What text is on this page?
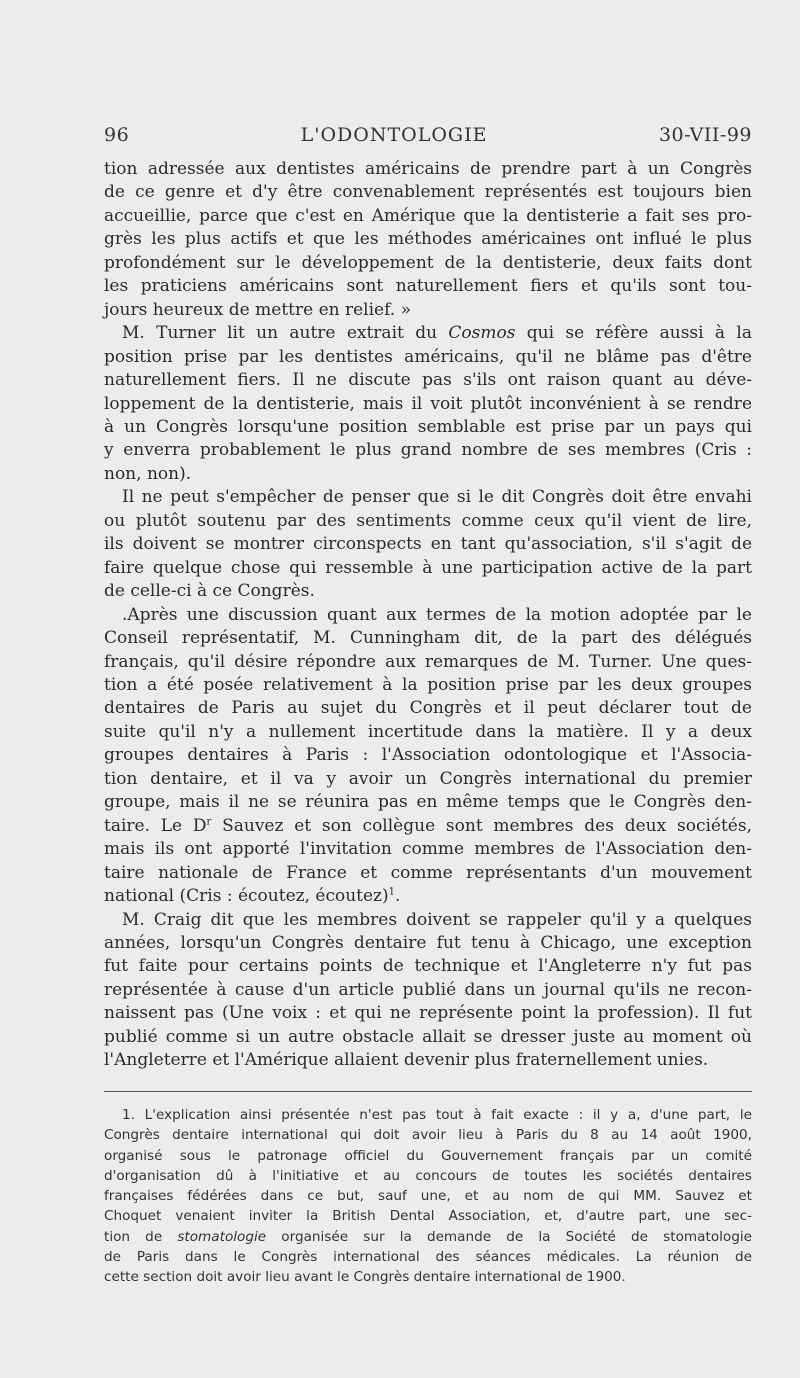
96	L'ODONTOLOGIE	30-VII-99
tion adressée aux dentistes américains de prendre part à un Congrès
de ce genre et d'y être convenablement représentés est toujours bien
accueillie, parce que c'est en Amérique que la dentisterie a fait ses pro-
grès les plus actifs et que les méthodes américaines ont influé le plus
profondément sur le développement de la dentisterie, deux faits dont
les praticiens américains sont naturellement fiers et qu'ils sont tou-
jours heureux de mettre en relief. »
M. Turner lit un autre extrait du Cosmos qui se réfère aussi à la
position prise par les dentistes américains, qu'il ne blâme pas d'être
naturellement fiers. Il ne discute pas s'ils ont raison quant au déve-
loppement de la dentisterie, mais il voit plutôt inconvénient à se rendre
à un Congrès lorsqu'une position semblable est prise par un pays qui
y enverra probablement le plus grand nombre de ses membres (Cris :
non, non).
Il ne peut s'empêcher de penser que si le dit Congrès doit être envahi
ou plutôt soutenu par des sentiments comme ceux qu'il vient de lire,
ils doivent se montrer circonspects en tant qu'association, s'il s'agit de
faire quelque chose qui ressemble à une participation active de la part
de celle-ci à ce Congrès.
.Après une discussion quant aux termes de la motion adoptée par le
Conseil représentatif, M. Cunningham dit, de la part des délégués
français, qu'il désire répondre aux remarques de M. Turner. Une ques-
tion a été posée relativement à la position prise par les deux groupes
dentaires de Paris au sujet du Congrès et il peut déclarer tout de
suite qu'il n'y a nullement incertitude dans la matière. Il y a deux
groupes dentaires à Paris : l'Association odontologique et l'Associa-
tion dentaire, et il va y avoir un Congrès international du premier
groupe, mais il ne se réunira pas en même temps que le Congrès den-
taire. Le $D^r$ Sauvez et son collègue sont membres des deux sociétés,
mais ils ont apporté l'invitation comme membres de l'Association den-
taire nationale de France et comme représentants d'un mouvement
national (Cris : écoutez, écoutez)$^1$.
M. Craig dit que les membres doivent se rappeler qu'il y a quelques
années, lorsqu'un Congrès dentaire fut tenu à Chicago, une exception
fut faite pour certains points de technique et l'Angleterre n'y fut pas
représentée à cause d'un article publié dans un journal qu'ils ne recon-
naissent pas (Une voix : et qui ne représente point la profession). Il fut
publié comme si un autre obstacle allait se dresser juste au moment où
l'Angleterre et l'Amérique allaient devenir plus fraternellement unies.
1. L'explication ainsi présentée n'est pas tout à fait exacte : il y a, d'une part, le
Congrès dentaire international qui doit avoir lieu à Paris du 8 au 14 août 1900,
organisé sous le patronage officiel du Gouvernement français par un comité
d'organisation dû à l'initiative et au concours de toutes les sociétés dentaires
françaises fédérées dans ce but, sauf une, et au nom de qui MM. Sauvez et
Choquet venaient inviter la British Dental Association, et, d'autre part, une sec-
tion de stomatologie organisée sur la demande de la Société de stomatologie
de Paris dans le Congrès international des séances médicales. La réunion de
cette section doit avoir lieu avant le Congrès dentaire international de 1900.
